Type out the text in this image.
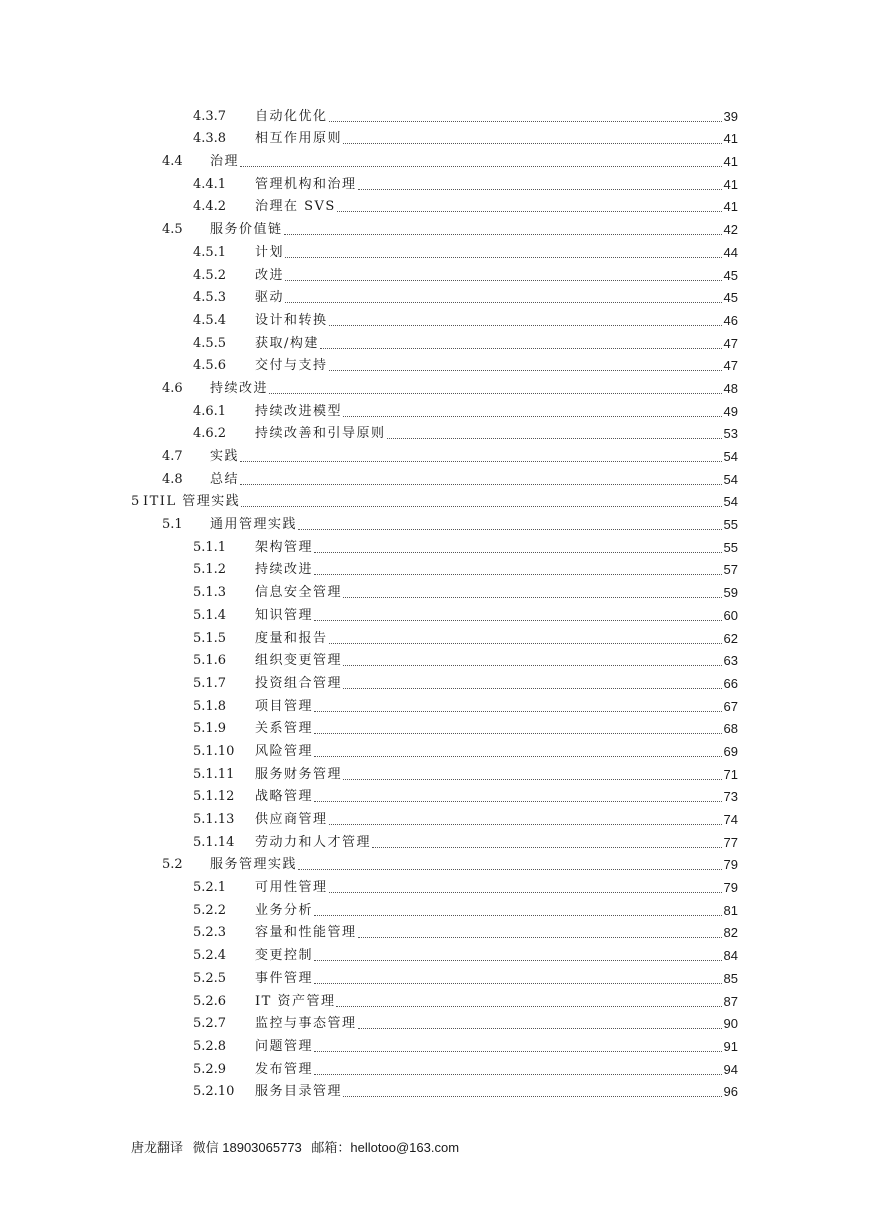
4.3.7 自动化优化	39
4.3.8 相互作用原则	41
4.4 治理	41
4.4.1 管理机构和治理	41
4.4.2 治理在 SVS	41
4.5 服务价值链	42
4.5.1 计划	44
4.5.2 改进	45
4.5.3 驱动	45
4.5.4 设计和转换	46
4.5.5 获取/构建	47
4.5.6 交付与支持	47
4.6 持续改进	48
4.6.1 持续改进模型	49
4.6.2 持续改善和引导原则	53
4.7 实践	54
4.8 总结	54
5 ITIL 管理实践	54
5.1 通用管理实践	55
5.1.1 架构管理	55
5.1.2 持续改进	57
5.1.3 信息安全管理	59
5.1.4 知识管理	60
5.1.5 度量和报告	62
5.1.6 组织变更管理	63
5.1.7 投资组合管理	66
5.1.8 项目管理	67
5.1.9 关系管理	68
5.1.10 风险管理	69
5.1.11 服务财务管理	71
5.1.12 战略管理	73
5.1.13 供应商管理	74
5.1.14 劳动力和人才管理	77
5.2 服务管理实践	79
5.2.1 可用性管理	79
5.2.2 业务分析	81
5.2.3 容量和性能管理	82
5.2.4 变更控制	84
5.2.5 事件管理	85
5.2.6 IT 资产管理	87
5.2.7 监控与事态管理	90
5.2.8 问题管理	91
5.2.9 发布管理	94
5.2.10 服务目录管理	96
唐龙翻译 微信 18903065773 邮箱：hellotoo@163.com
